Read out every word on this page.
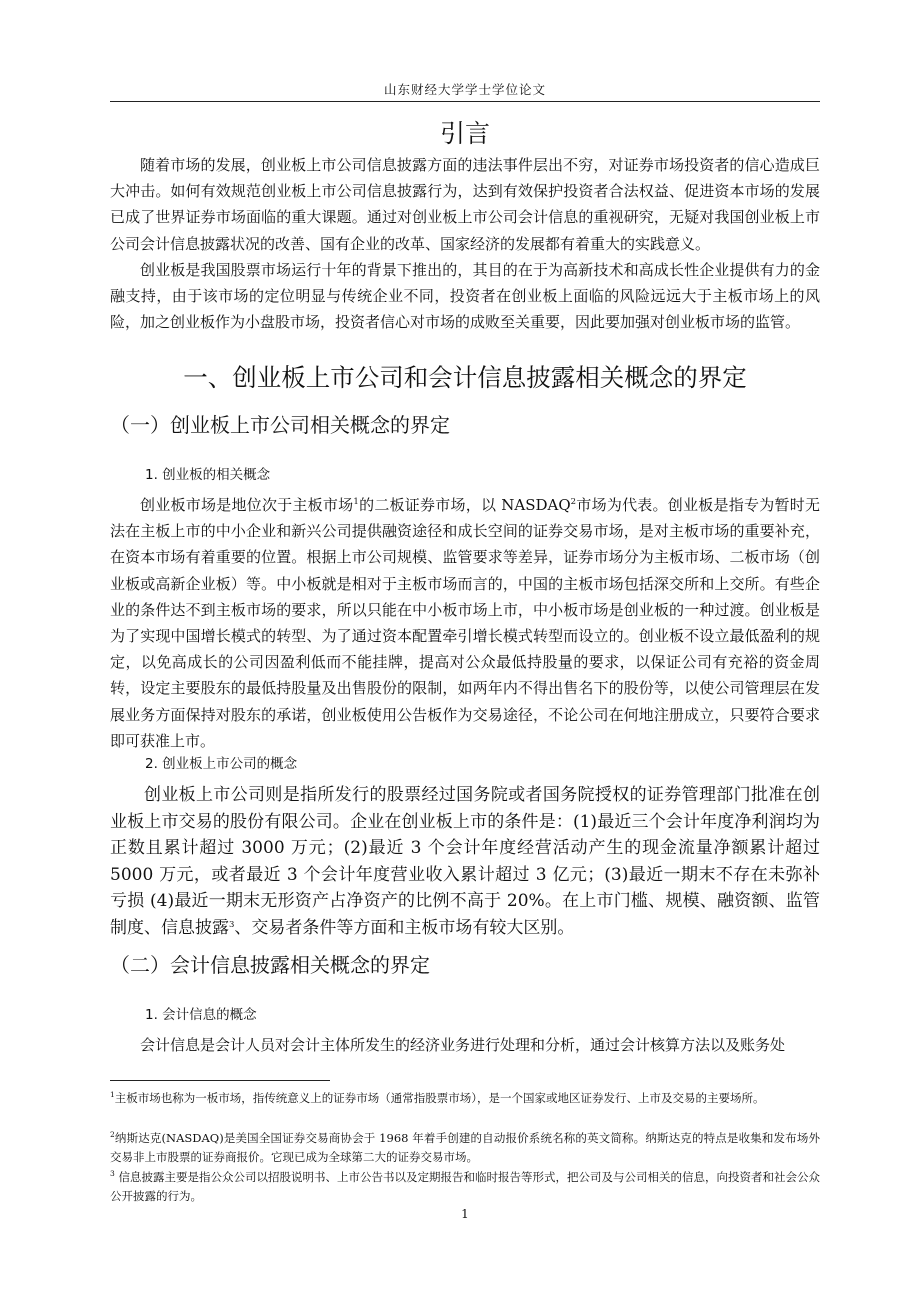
山东财经大学学士学位论文
引言

随着市场的发展，创业板上市公司信息披露方面的违法事件层出不穷，对证券市场投资者的信心造成巨大冲击。如何有效规范创业板上市公司信息披露行为，达到有效保护投资者合法权益、促进资本市场的发展已成了世界证券市场面临的重大课题。通过对创业板上市公司会计信息的重视研究，无疑对我国创业板上市公司会计信息披露状况的改善、国有企业的改革、国家经济的发展都有着重大的实践意义。

创业板是我国股票市场运行十年的背景下推出的，其目的在于为高新技术和高成长性企业提供有力的金融支持，由于该市场的定位明显与传统企业不同，投资者在创业板上面临的风险远远大于主板市场上的风险，加之创业板作为小盘股市场，投资者信心对市场的成败至关重要，因此要加强对创业板市场的监管。

一、创业板上市公司和会计信息披露相关概念的界定
（一）创业板上市公司相关概念的界定
1. 创业板的相关概念

创业板市场是地位次于主板市场$^1$的二板证券市场，以 NASDAQ$^2$市场为代表。创业板是指专为暂时无法在主板上市的中小企业和新兴公司提供融资途径和成长空间的证券交易市场，是对主板市场的重要补充，在资本市场有着重要的位置。根据上市公司规模、监管要求等差异，证券市场分为主板市场、二板市场（创业板或高新企业板）等。中小板就是相对于主板市场而言的，中国的主板市场包括深交所和上交所。有些企业的条件达不到主板市场的要求，所以只能在中小板市场上市，中小板市场是创业板的一种过渡。创业板是为了实现中国增长模式的转型、为了通过资本配置牵引增长模式转型而设立的。创业板不设立最低盈利的规定，以免高成长的公司因盈利低而不能挂牌，提高对公众最低持股量的要求，以保证公司有充裕的资金周转，设定主要股东的最低持股量及出售股份的限制，如两年内不得出售名下的股份等，以使公司管理层在发展业务方面保持对股东的承诺，创业板使用公告板作为交易途径，不论公司在何地注册成立，只要符合要求即可获准上市。

2. 创业板上市公司的概念

创业板上市公司则是指所发行的股票经过国务院或者国务院授权的证券管理部门批准在创业板上市交易的股份有限公司。企业在创业板上市的条件是：(1)最近三个会计年度净利润均为正数且累计超过 3000 万元；(2)最近 3 个会计年度经营活动产生的现金流量净额累计超过 5000 万元，或者最近 3 个会计年度营业收入累计超过 3 亿元；(3)最近一期末不存在未弥补亏损 (4)最近一期末无形资产占净资产的比例不高于 20%。在上市门槛、规模、融资额、监管制度、信息披露$^3$、交易者条件等方面和主板市场有较大区别。

（二）会计信息披露相关概念的界定
1. 会计信息的概念

会计信息是会计人员对会计主体所发生的经济业务进行处理和分析，通过会计核算方法以及账务处

$^1$主板市场也称为一板市场，指传统意义上的证券市场（通常指股票市场），是一个国家或地区证券发行、上市及交易的主要场所。

$^2$纳斯达克(NASDAQ)是美国全国证券交易商协会于 1968 年着手创建的自动报价系统名称的英文简称。纳斯达克的特点是收集和发布场外交易非上市股票的证券商报价。它现已成为全球第二大的证券交易市场。

$^3$ 信息披露主要是指公众公司以招股说明书、上市公告书以及定期报告和临时报告等形式，把公司及与公司相关的信息，向投资者和社会公众公开披露的行为。

1
